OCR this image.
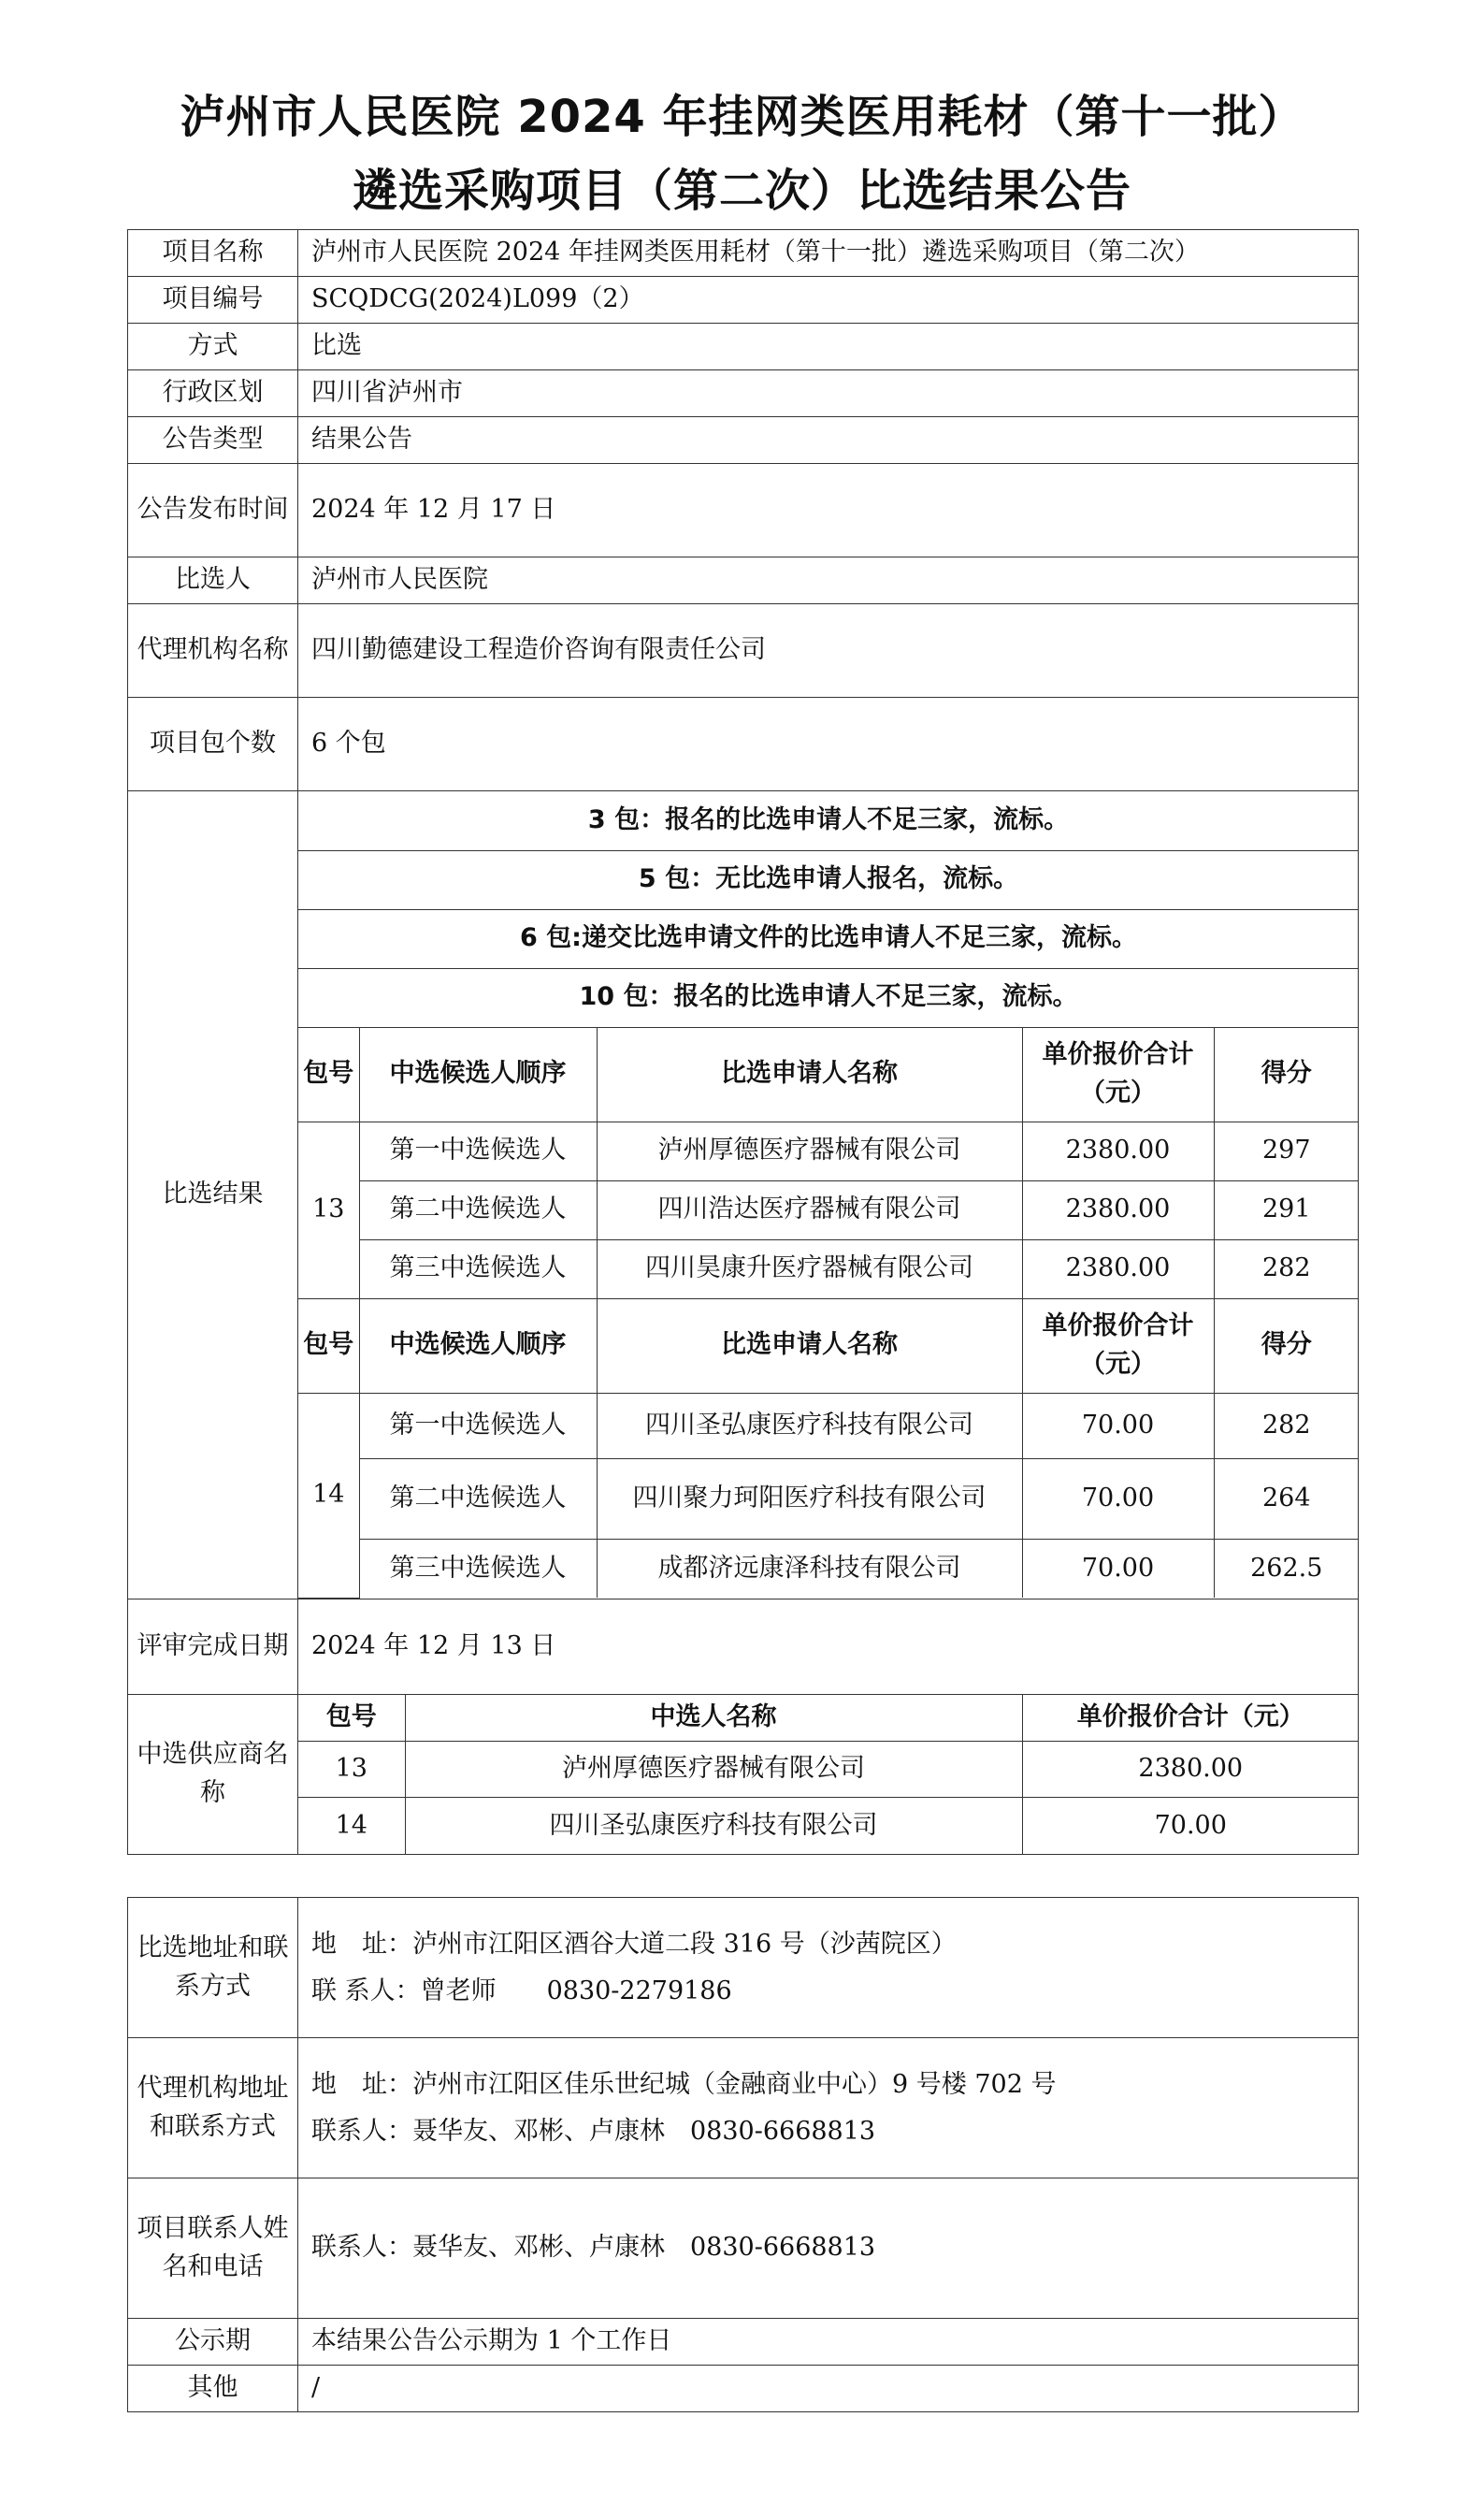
泸州市人民医院 2024 年挂网类医用耗材（第十一批）
遴选采购项目（第二次）比选结果公告
项目名称	泸州市人民医院 2024 年挂网类医用耗材（第十一批）遴选采购项目（第二次）
项目编号	SCQDCG(2024)L099（2）
方式	比选
行政区划	四川省泸州市
公告类型	结果公告
公告发布时间	2024 年 12 月 17 日
比选人	泸州市人民医院
代理机构名称	四川勤德建设工程造价咨询有限责任公司
项目包个数	6 个包
比选结果	
3 包：报名的比选申请人不足三家，流标。
5 包：无比选申请人报名，流标。
6 包:递交比选申请文件的比选申请人不足三家，流标。
10 包：报名的比选申请人不足三家，流标。
包号	中选候选人顺序	比选申请人名称	单价报价合计（元）	得分
13	第一中选候选人	泸州厚德医疗器械有限公司	2380.00	297
第二中选候选人	四川浩达医疗器械有限公司	2380.00	291
第三中选候选人	四川昊康升医疗器械有限公司	2380.00	282
包号	中选候选人顺序	比选申请人名称	单价报价合计（元）	得分
14	第一中选候选人	四川圣弘康医疗科技有限公司	70.00	282
第二中选候选人	四川聚力珂阳医疗科技有限公司	70.00	264
第三中选候选人	成都济远康泽科技有限公司	70.00	262.5

评审完成日期	2024 年 12 月 13 日
中选供应商名称	
包号	中选人名称	单价报价合计（元）
13	泸州厚德医疗器械有限公司	2380.00
14	四川圣弘康医疗科技有限公司	70.00
比选地址和联系方式	地　址：泸州市江阳区酒谷大道二段 316 号（沙茜院区）
联 系人：曾老师　　0830-2279186

代理机构地址和联系方式	地　址：泸州市江阳区佳乐世纪城（金融商业中心）9 号楼 702 号
联系人：聂华友、邓彬、卢康林　0830-6668813

项目联系人姓名和电话	联系人：聂华友、邓彬、卢康林　0830-6668813
公示期	本结果公告公示期为 1 个工作日
其他	/
